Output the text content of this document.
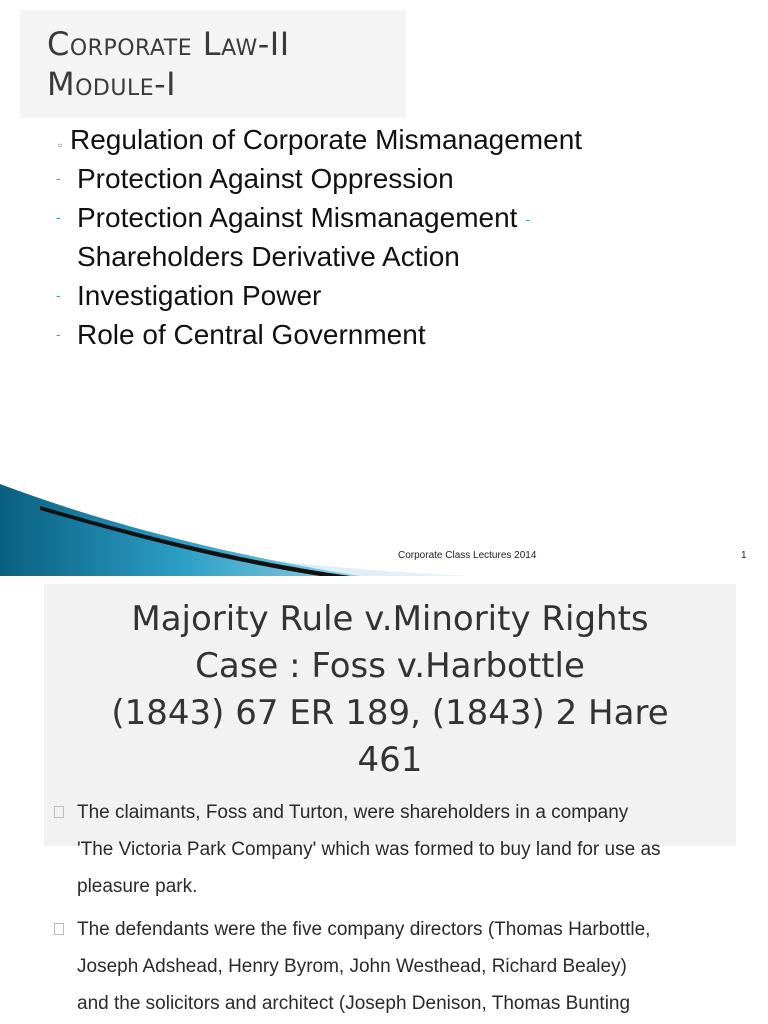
Corporate Law-II
Module-I
▫ Regulation of Corporate Mismanagement
- Protection Against Oppression
- Protection Against Mismanagement -
Shareholders Derivative Action
- Investigation Power
- Role of Central Government
Corporate Class Lectures 2014	1
Majority Rule v.Minority Rights
Case : Foss v.Harbottle
(1843) 67 ER 189, (1843) 2 Hare
461
The claimants, Foss and Turton, were shareholders in a company
'The Victoria Park Company' which was formed to buy land for use as
pleasure park.
The defendants were the five company directors (Thomas Harbottle,
Joseph Adshead, Henry Byrom, John Westhead, Richard Bealey)
and the solicitors and architect (Joseph Denison, Thomas Bunting
